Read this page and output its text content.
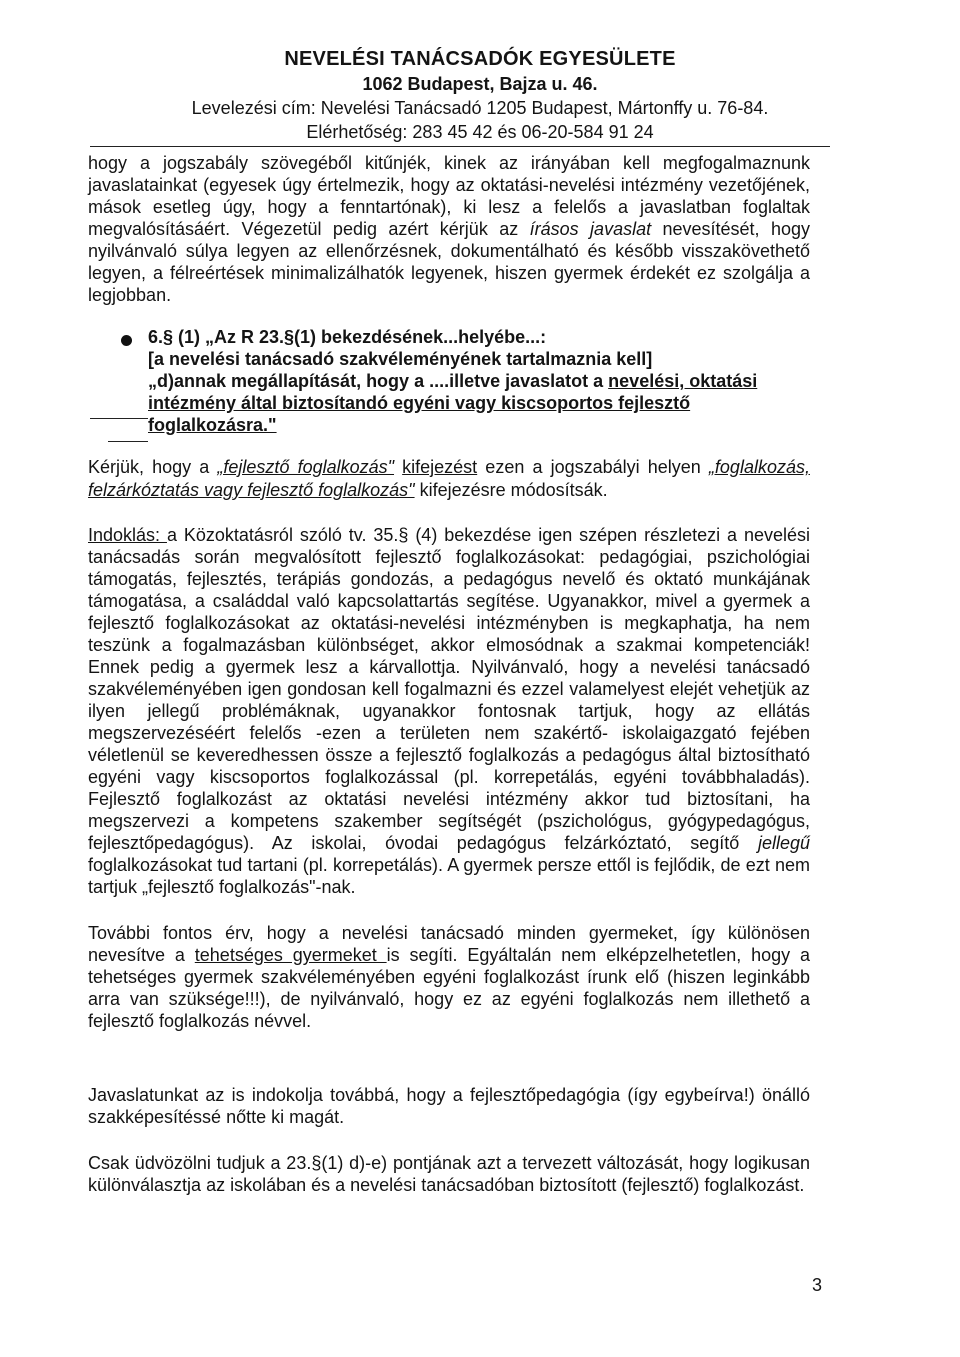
NEVELÉSI TANÁCSADÓK EGYESÜLETE
1062 Budapest, Bajza u. 46.
Levelezési cím: Nevelési Tanácsadó 1205 Budapest, Mártonffy u. 76-84.
Elérhetőség: 283 45 42 és 06-20-584 91 24
hogy a jogszabály szövegéből kitűnjék, kinek az irányában kell megfogalmaznunk javaslatainkat (egyesek úgy értelmezik, hogy az oktatási-nevelési intézmény vezetőjének, mások esetleg úgy, hogy a fenntartónak), ki lesz a felelős a javaslatban foglaltak megvalósításáért. Végezetül pedig azért kérjük az írásos javaslat nevesítését, hogy nyilvánvaló súlya legyen az ellenőrzésnek, dokumentálható és később visszakövethető legyen, a félreértések minimalizálhatók legyenek, hiszen gyermek érdekét ez szolgálja a legjobban.
6.§ (1) „Az R 23.§(1) bekezdésének...helyébe...:
[a nevelési tanácsadó szakvéleményének tartalmaznia kell]
„d)annak megállapítását, hogy a ....illetve javaslatot a nevelési, oktatási
intézmény által biztosítandó egyéni vagy kiscsoportos fejlesztő
foglalkozásra."
Kérjük, hogy a „fejlesztő foglalkozás" kifejezést ezen a jogszabályi helyen „foglalkozás, felzárkóztatás vagy fejlesztő foglalkozás" kifejezésre módosítsák.
Indoklás: a Közoktatásról szóló tv. 35.§ (4) bekezdése igen szépen részletezi a nevelési tanácsadás során megvalósított fejlesztő foglalkozásokat: pedagógiai, pszichológiai támogatás, fejlesztés, terápiás gondozás, a pedagógus nevelő és oktató munkájának támogatása, a családdal való kapcsolattartás segítése. Ugyanakkor, mivel a gyermek a fejlesztő foglalkozásokat az oktatási-nevelési intézményben is megkaphatja, ha nem teszünk a fogalmazásban különbséget, akkor elmosódnak a szakmai kompetenciák! Ennek pedig a gyermek lesz a kárvallottja. Nyilvánvaló, hogy a nevelési tanácsadó szakvéleményében igen gondosan kell fogalmazni és ezzel valamelyest elejét vehetjük az ilyen jellegű problémáknak, ugyanakkor fontosnak tartjuk, hogy az ellátás megszervezéséért felelős -ezen a területen nem szakértő- iskolaigazgató fejében véletlenül se keveredhessen össze a fejlesztő foglalkozás a pedagógus által biztosítható egyéni vagy kiscsoportos foglalkozással (pl. korrepetálás, egyéni továbbhaladás). Fejlesztő foglalkozást az oktatási nevelési intézmény akkor tud biztosítani, ha megszervezi a kompetens szakember segítségét (pszichológus, gyógypedagógus, fejlesztőpedagógus). Az iskolai, óvodai pedagógus felzárkóztató, segítő jellegű foglalkozásokat tud tartani (pl. korrepetálás). A gyermek persze ettől is fejlődik, de ezt nem tartjuk „fejlesztő foglalkozás"-nak.
További fontos érv, hogy a nevelési tanácsadó minden gyermeket, így különösen nevesítve a tehetséges gyermeket is segíti. Egyáltalán nem elképzelhetetlen, hogy a tehetséges gyermek szakvéleményében egyéni foglalkozást írunk elő (hiszen leginkább arra van szüksége!!!), de nyilvánvaló, hogy ez az egyéni foglalkozás nem illethető a fejlesztő foglalkozás névvel.
Javaslatunkat az is indokolja továbbá, hogy a fejlesztőpedagógia (így egybeírva!) önálló szakképesítéssé nőtte ki magát.
Csak üdvözölni tudjuk a 23.§(1) d)-e) pontjának azt a tervezett változását, hogy logikusan különválasztja az iskolában és a nevelési tanácsadóban biztosított (fejlesztő) foglalkozást.
3
